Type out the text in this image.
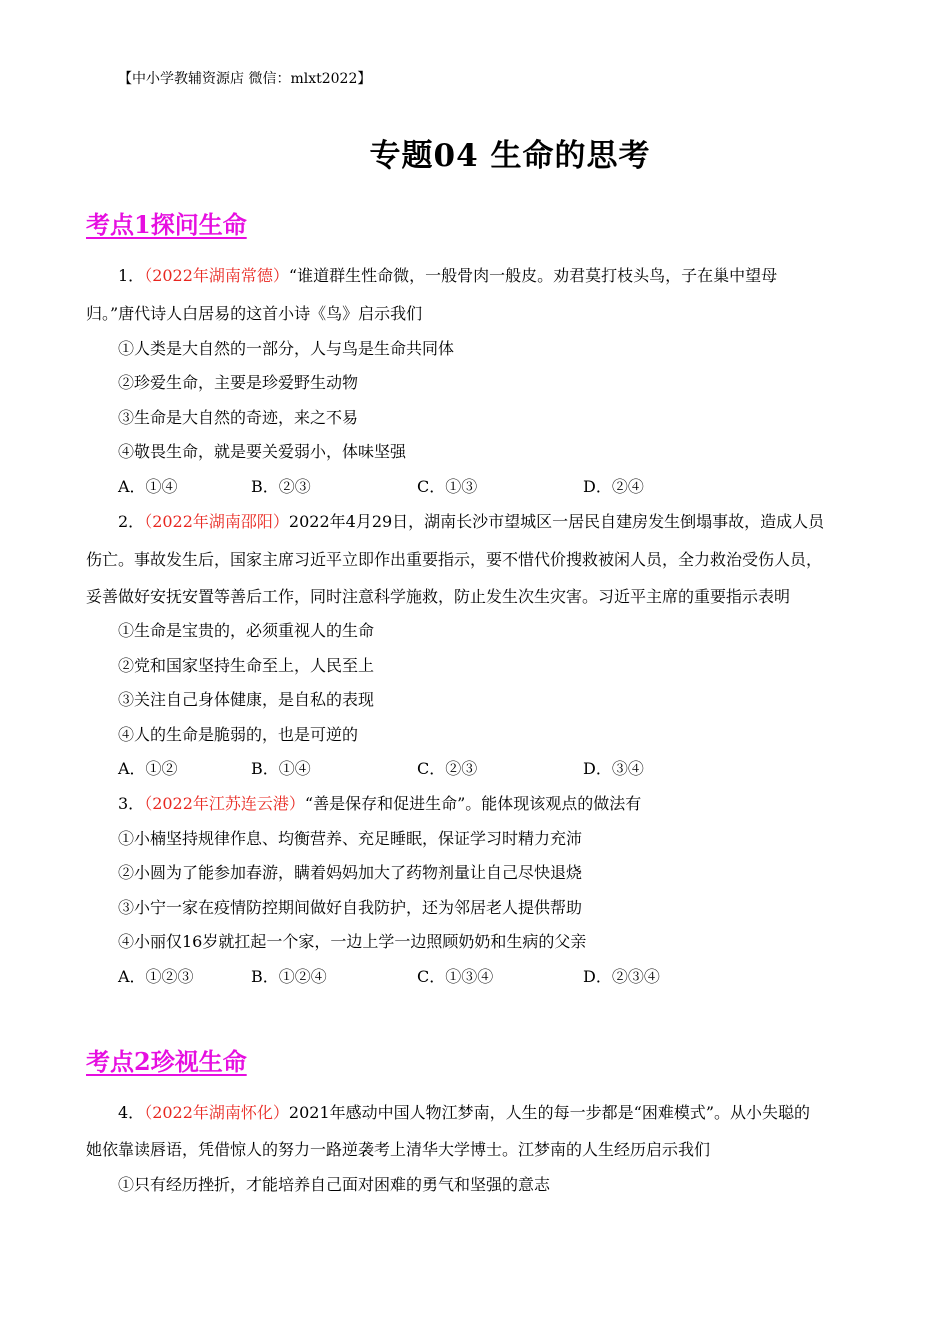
【中小学教辅资源店 微信：mlxt2022】
专题04 生命的思考
考点1探问生命
1．（2022年湖南常德）“谁道群生性命微，一般骨肉一般皮。劝君莫打枝头鸟，子在巢中望母
归。”唐代诗人白居易的这首小诗《鸟》启示我们
①人类是大自然的一部分，人与鸟是生命共同体
②珍爱生命，主要是珍爱野生动物
③生命是大自然的奇迹，来之不易
④敬畏生命，就是要关爱弱小，体味坚强
A．①④	B．②③	C．①③	D．②④
2．（2022年湖南邵阳）2022年4月29日，湖南长沙市望城区一居民自建房发生倒塌事故，造成人员
伤亡。事故发生后，国家主席习近平立即作出重要指示，要不惜代价搜救被闲人员，全力救治受伤人员，
妥善做好安抚安置等善后工作，同时注意科学施救，防止发生次生灾害。习近平主席的重要指示表明
①生命是宝贵的，必须重视人的生命
②党和国家坚持生命至上，人民至上
③关注自己身体健康，是自私的表现
④人的生命是脆弱的，也是可逆的
A．①②	B．①④	C．②③	D．③④
3．（2022年江苏连云港）“善是保存和促进生命”。能体现该观点的做法有
①小楠坚持规律作息、均衡营养、充足睡眠，保证学习时精力充沛
②小圆为了能参加春游，瞒着妈妈加大了药物剂量让自己尽快退烧
③小宁一家在疫情防控期间做好自我防护，还为邻居老人提供帮助
④小丽仅16岁就扛起一个家，一边上学一边照顾奶奶和生病的父亲
A．①②③	B．①②④	C．①③④	D．②③④
考点2珍视生命
4．（2022年湖南怀化）2021年感动中国人物江梦南，人生的每一步都是“困难模式”。从小失聪的
她依靠读唇语，凭借惊人的努力一路逆袭考上清华大学博士。江梦南的人生经历启示我们
①只有经历挫折，才能培养自己面对困难的勇气和坚强的意志
